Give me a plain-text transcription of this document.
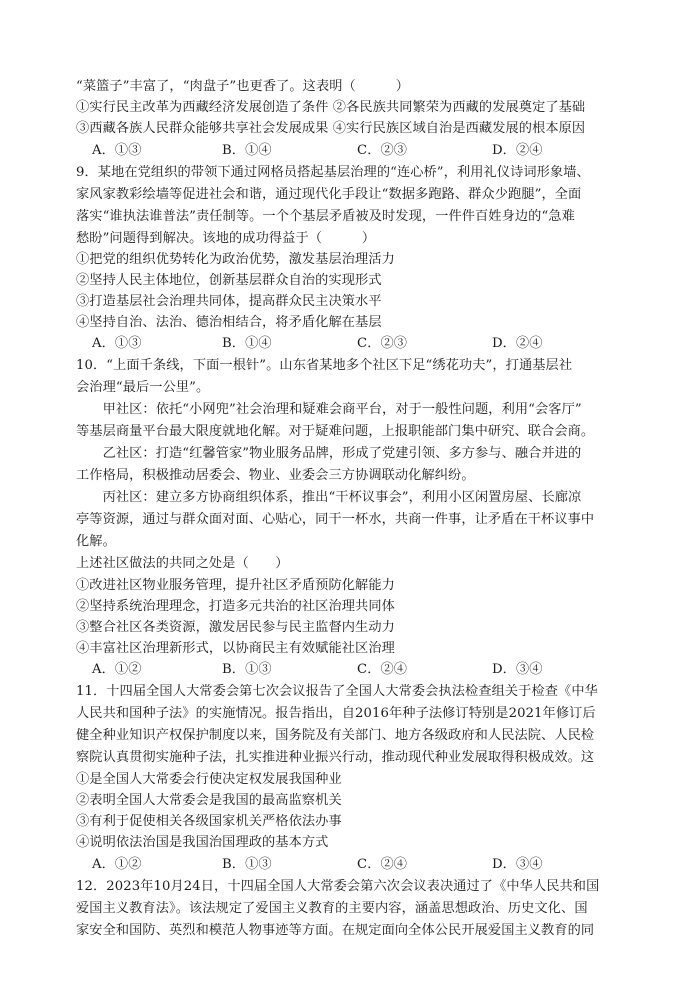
“菜篮子”丰富了，“肉盘子”也更香了。这表明（　　　）
①实行民主改革为西藏经济发展创造了条件 ②各民族共同繁荣为西藏的发展奠定了基础
③西藏各族人民群众能够共享社会发展成果 ④实行民族区域自治是西藏发展的根本原因
A．①③	B．①④	C．②③	D．②④
9．某地在党组织的带领下通过网格员搭起基层治理的“连心桥”，利用礼仪诗词形象墙、
家风家教彩绘墙等促进社会和谐，通过现代化手段让“数据多跑路、群众少跑腿”，全面
落实“谁执法谁普法”责任制等。一个个基层矛盾被及时发现，一件件百姓身边的“急难
愁盼”问题得到解决。该地的成功得益于（　　　）
①把党的组织优势转化为政治优势，激发基层治理活力
②坚持人民主体地位，创新基层群众自治的实现形式
③打造基层社会治理共同体，提高群众民主决策水平
④坚持自治、法治、德治相结合，将矛盾化解在基层
A．①③	B．①④	C．②③	D．②④
10．“上面千条线，下面一根针”。山东省某地多个社区下足“绣花功夫”，打通基层社
会治理“最后一公里”。
　　甲社区：依托“小网兜”社会治理和疑难会商平台，对于一般性问题，利用“会客厅”
等基层商量平台最大限度就地化解。对于疑难问题，上报职能部门集中研究、联合会商。
　　乙社区：打造“红馨管家”物业服务品牌，形成了党建引领、多方参与、融合并进的
工作格局，积极推动居委会、物业、业委会三方协调联动化解纠纷。
　　丙社区：建立多方协商组织体系，推出“干杯议事会”，利用小区闲置房屋、长廊凉
亭等资源，通过与群众面对面、心贴心，同干一杯水，共商一件事，让矛盾在干杯议事中
化解。
上述社区做法的共同之处是（　　）
①改进社区物业服务管理，提升社区矛盾预防化解能力
②坚持系统治理理念，打造多元共治的社区治理共同体
③整合社区各类资源，激发居民参与民主监督内生动力
④丰富社区治理新形式，以协商民主有效赋能社区治理
A．①②	B．①③	C．②④	D．③④
11．十四届全国人大常委会第七次会议报告了全国人大常委会执法检查组关于检查《中华
人民共和国种子法》的实施情况。报告指出，自2016年种子法修订特别是2021年修订后
健全种业知识产权保护制度以来，国务院及有关部门、地方各级政府和人民法院、人民检
察院认真贯彻实施种子法，扎实推进种业振兴行动，推动现代种业发展取得积极成效。这
①是全国人大常委会行使决定权发展我国种业
②表明全国人大常委会是我国的最高监察机关
③有利于促使相关各级国家机关严格依法办事
④说明依法治国是我国治国理政的基本方式
A．①②	B．①③	C．②④	D．③④
12．2023年10月24日，十四届全国人大常委会第六次会议表决通过了《中华人民共和国
爱国主义教育法》。该法规定了爱国主义教育的主要内容，涵盖思想政治、历史文化、国
家安全和国防、英烈和模范人物事迹等方面。在规定面向全体公民开展爱国主义教育的同
